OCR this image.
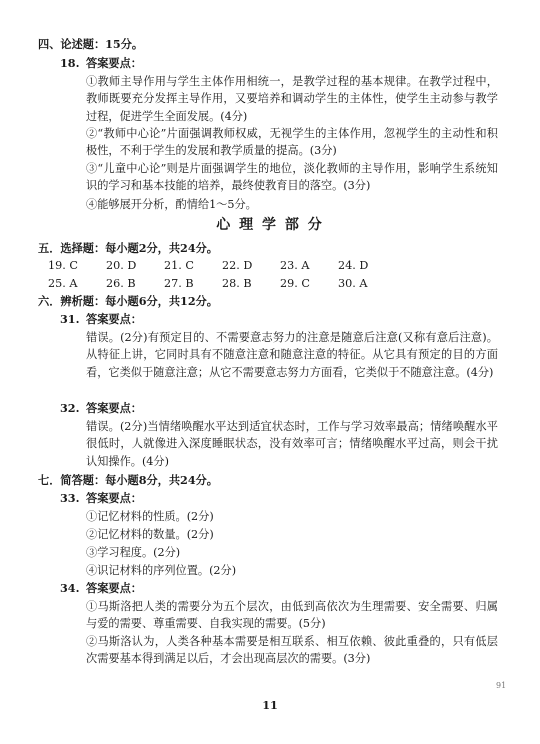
四、论述题：15分。
18. 答案要点：
①教师主导作用与学生主体作用相统一，是教学过程的基本规律。在教学过程中，教师既要充分发挥主导作用，又要培养和调动学生的主体性，使学生主动参与教学过程，促进学生全面发展。(4分)
②“教师中心论”片面强调教师权威，无视学生的主体作用，忽视学生的主动性和积极性，不利于学生的发展和教学质量的提高。(3分)
③“儿童中心论”则是片面强调学生的地位，淡化教师的主导作用，影响学生系统知识的学习和基本技能的培养，最终使教育目的落空。(3分)
④能够展开分析，酌情给1～5分。
心 理 学 部 分
五．选择题：每小题2分，共24分。
19. C	20. D 21. C	22. D 23. A	24. D
25. A	26. B	27. B	28. B	29. C	30. A
六．辨析题：每小题6分，共12分。
31. 答案要点：
错误。(2分)有预定目的、不需要意志努力的注意是随意后注意(又称有意后注意)。从特征上讲，它同时具有不随意注意和随意注意的特征。从它具有预定的目的方面看，它类似于随意注意；从它不需要意志努力方面看，它类似于不随意注意。(4分)
32. 答案要点：
错误。(2分)当情绪唤醒水平达到适宜状态时，工作与学习效率最高；情绪唤醒水平很低时，人就像进入深度睡眠状态，没有效率可言；情绪唤醒水平过高，则会干扰认知操作。(4分)
七．简答题：每小题8分，共24分。
33. 答案要点：
①记忆材料的性质。(2分)
②记忆材料的数量。(2分)
③学习程度。(2分)
④识记材料的序列位置。(2分)
34. 答案要点：
①马斯洛把人类的需要分为五个层次，由低到高依次为生理需要、安全需要、归属与爱的需要、尊重需要、自我实现的需要。(5分)
②马斯洛认为，人类各种基本需要是相互联系、相互依赖、彼此重叠的，只有低层次需要基本得到满足以后，才会出现高层次的需要。(3分)
91
11
